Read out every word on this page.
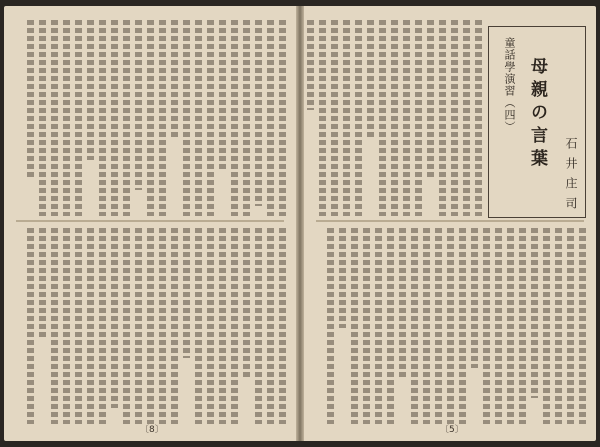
〔8〕
童話學演習（四） 母親の言葉
石井庄司
〔5〕
